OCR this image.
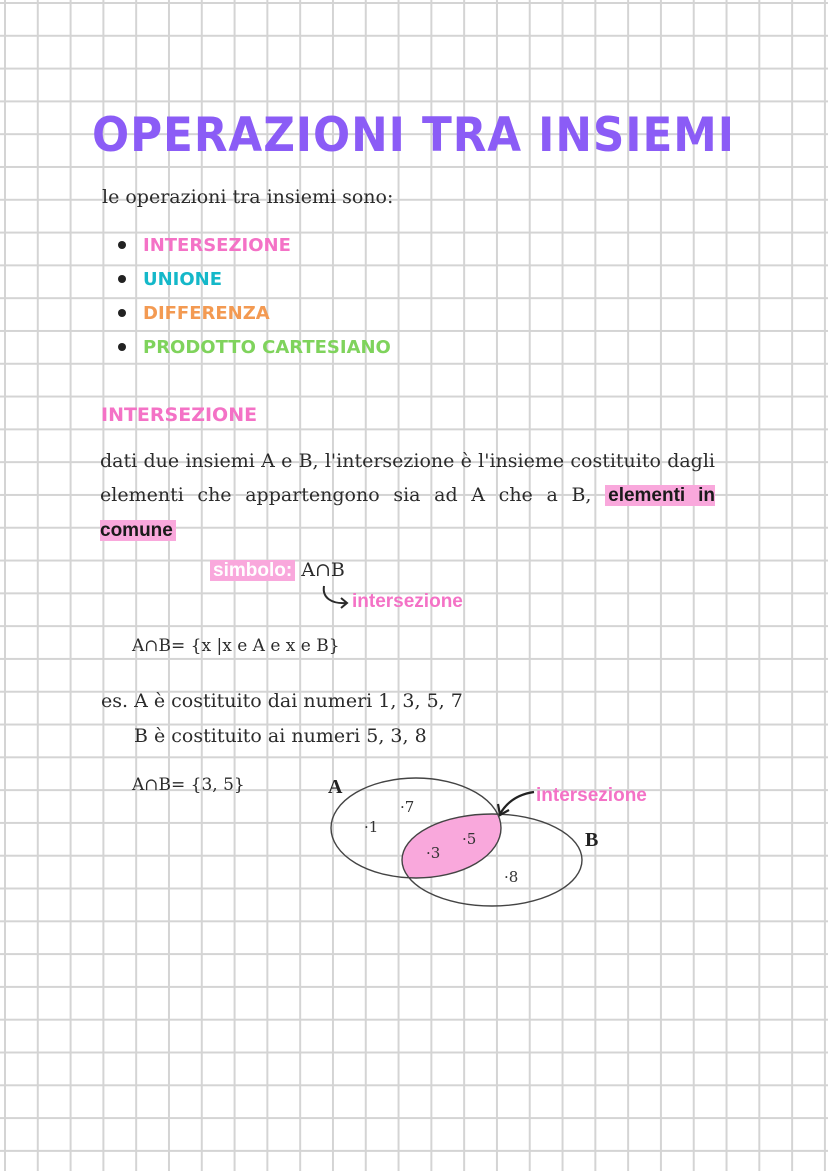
OPERAZIONI TRA INSIEMI
le operazioni tra insiemi sono:
INTERSEZIONE
UNIONE
DIFFERENZA
PRODOTTO CARTESIANO
INTERSEZIONE

dati due insiemi A e B, l'intersezione è l'insieme costituito dagli elementi che appartengono sia ad A che a B, elementi in comune

simbolo: A∩B
intersezione
A∩B= {x |x e A e x e B}
es. A è costituito dai numeri 1, 3, 5, 7
B è costituito ai numeri 5, 3, 8
A∩B= {3, 5}	A
B
·1
·7
·3
·5
·8
intersezione
